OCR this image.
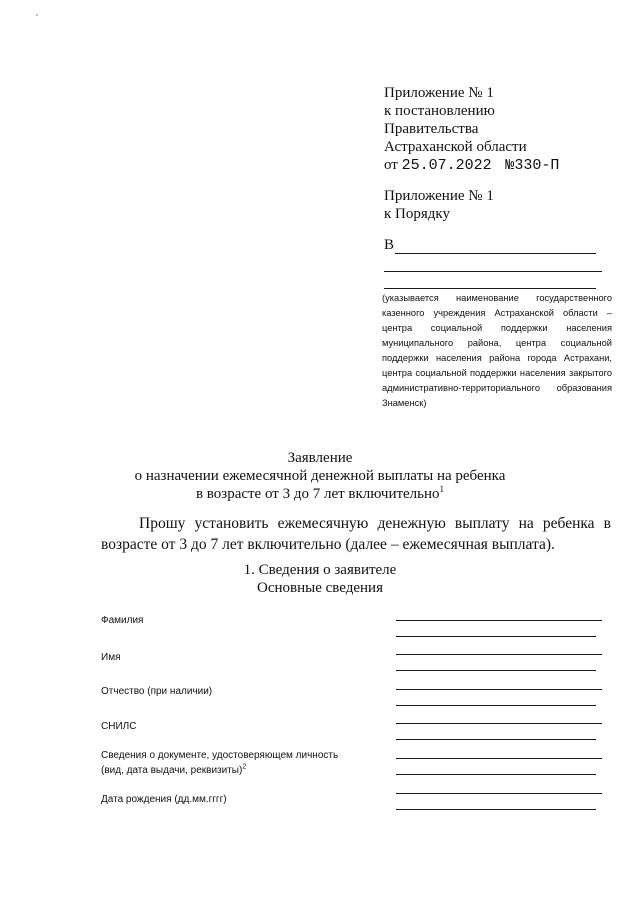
Приложение № 1
к постановлению
Правительства
Астраханской области
от 25.07.2022 №330-П
Приложение № 1
к Порядку
В
(указывается наименование государственного казенного учреждения Астраханской области – центра социальной поддержки населения муниципального района, центра социальной поддержки населения района города Астрахани, центра социальной поддержки населения закрытого административно-территориального образования Знаменск)
Заявление
о назначении ежемесячной денежной выплаты на ребенка
в возрасте от 3 до 7 лет включительно$^1$
Прошу установить ежемесячную денежную выплату на ребенка в возрасте от 3 до 7 лет включительно (далее – ежемесячная выплата).
1. Сведения о заявителе
Основные сведения
Фамилия
Имя
Отчество (при наличии)
СНИЛС
Сведения о документе, удостоверяющем личность
(вид, дата выдачи, реквизиты)$^2$
Дата рождения (дд.мм.гггг)
